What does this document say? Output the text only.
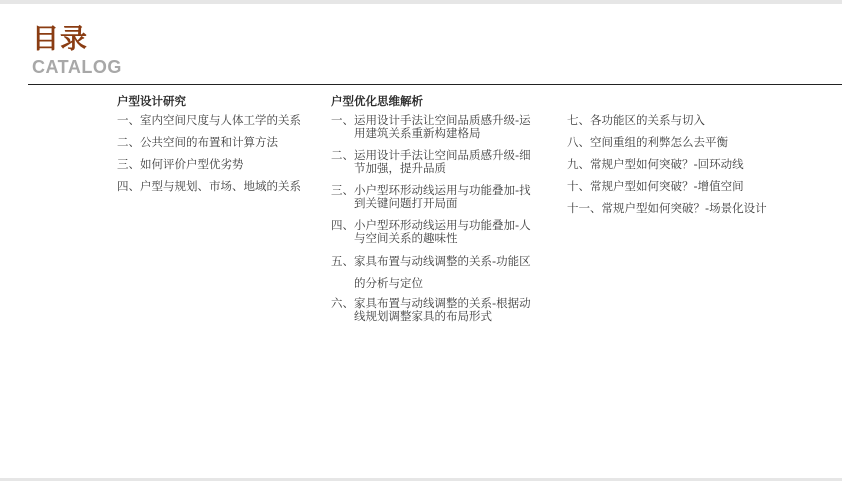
目录
CATALOG
户型设计研究
一、 室内空间尺度与人体工学的关系
二、 公共空间的布置和计算方法
三、 如何评价户型优劣势
四、 户型与规划、市场、地域的关系
户型优化思维解析
一、 运用设计手法让空间品质感升级-运用建筑关系重新构建格局
二、 运用设计手法让空间品质感升级-细节加强，提升品质
三、 小户型环形动线运用与功能叠加-找到关键问题打开局面
四、 小户型环形动线运用与功能叠加-人与空间关系的趣味性
五、 家具布置与动线调整的关系-功能区的分析与定位
六、 家具布置与动线调整的关系-根据动线规划调整家具的布局形式
七、 各功能区的关系与切入
八、 空间重组的利弊怎么去平衡
九、 常规户型如何突破？-回环动线
十、 常规户型如何突破？-增值空间
十一、 常规户型如何突破？-场景化设计
